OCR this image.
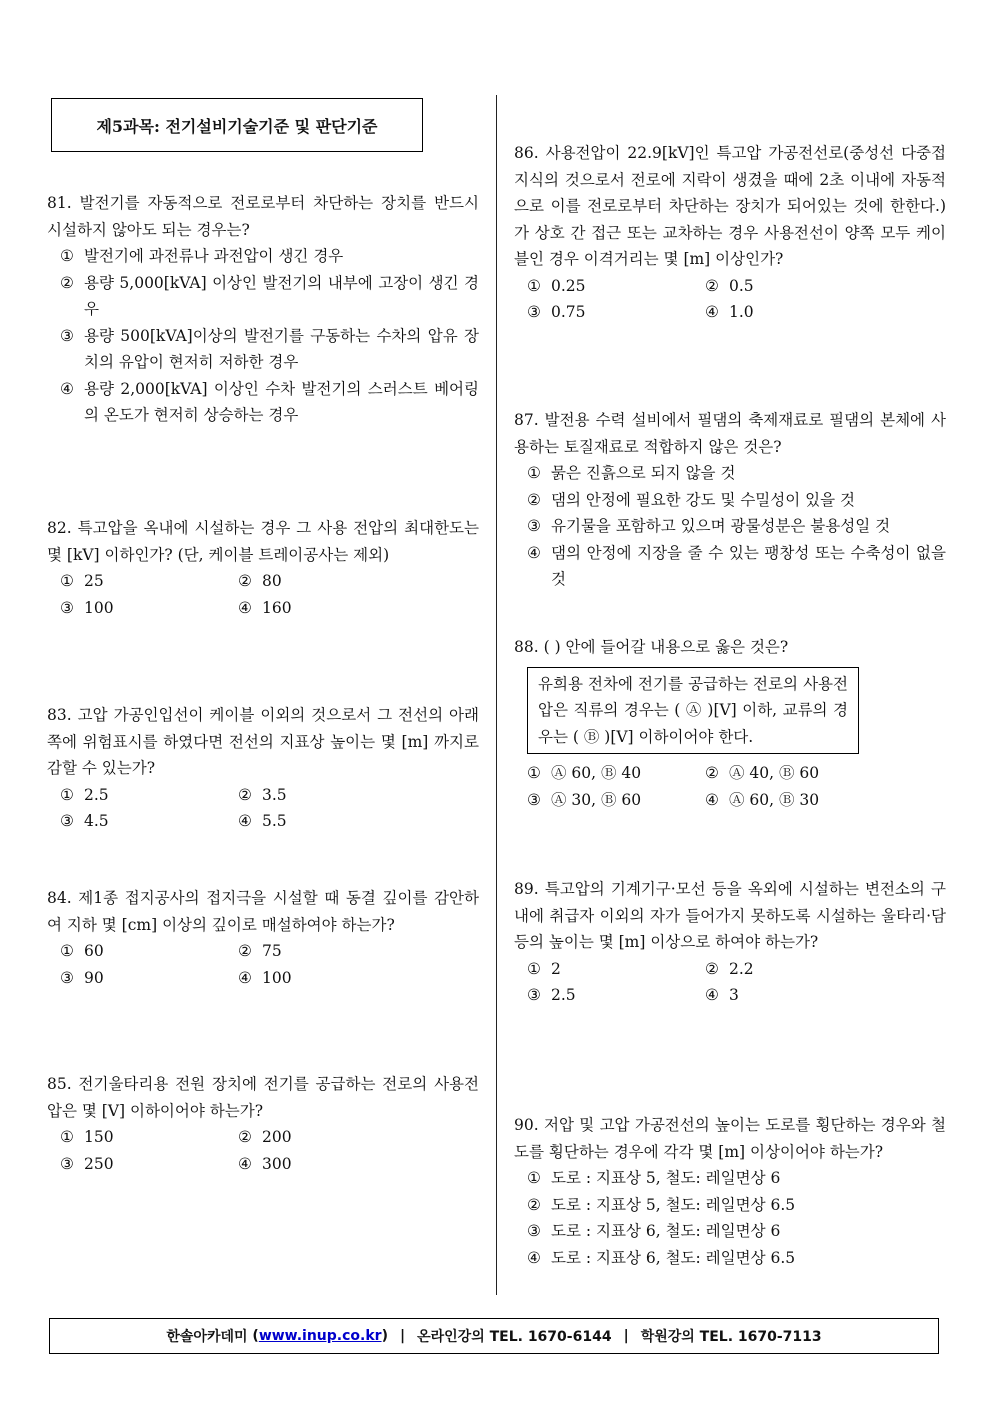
제5과목: 전기설비기술기준 및 판단기준
81. 발전기를 자동적으로 전로로부터 차단하는 장치를 반드시 시설하지 않아도 되는 경우는?
① 발전기에 과전류나 과전압이 생긴 경우
② 용량 5,000[kVA] 이상인 발전기의 내부에 고장이 생긴 경우
③ 용량 500[kVA]이상의 발전기를 구동하는 수차의 압유 장치의 유압이 현저히 저하한 경우
④ 용량 2,000[kVA] 이상인 수차 발전기의 스러스트 베어링의 온도가 현저히 상승하는 경우
82. 특고압을 옥내에 시설하는 경우 그 사용 전압의 최대한도는 몇 [kV] 이하인가? (단, 케이블 트레이공사는 제외)
① 25	② 80
③ 100	④ 160
83. 고압 가공인입선이 케이블 이외의 것으로서 그 전선의 아래쪽에 위험표시를 하였다면 전선의 지표상 높이는 몇 [m] 까지로 감할 수 있는가?
① 2.5	② 3.5
③ 4.5	④ 5.5
84. 제1종 접지공사의 접지극을 시설할 때 동결 깊이를 감안하여 지하 몇 [cm] 이상의 깊이로 매설하여야 하는가?
① 60	② 75
③ 90	④ 100
85. 전기울타리용 전원 장치에 전기를 공급하는 전로의 사용전압은 몇 [V] 이하이어야 하는가?
① 150	② 200
③ 250	④ 300
86. 사용전압이 22.9[kV]인 특고압 가공전선로(중성선 다중접지식의 것으로서 전로에 지락이 생겼을 때에 2초 이내에 자동적으로 이를 전로로부터 차단하는 장치가 되어있는 것에 한한다.)가 상호 간 접근 또는 교차하는 경우 사용전선이 양쪽 모두 케이블인 경우 이격거리는 몇 [m] 이상인가?
① 0.25	② 0.5
③ 0.75	④ 1.0
87. 발전용 수력 설비에서 필댐의 축제재료로 필댐의 본체에 사용하는 토질재료로 적합하지 않은 것은?
① 묽은 진흙으로 되지 않을 것
② 댐의 안정에 필요한 강도 및 수밀성이 있을 것
③ 유기물을 포함하고 있으며 광물성분은 불용성일 것
④ 댐의 안정에 지장을 줄 수 있는 팽창성 또는 수축성이 없을 것
88. ( ) 안에 들어갈 내용으로 옳은 것은?
유희용 전차에 전기를 공급하는 전로의 사용전압은 직류의 경우는 ( Ⓐ )[V] 이하, 교류의 경우는 ( Ⓑ )[V] 이하이어야 한다.
① Ⓐ 60, Ⓑ 40	② Ⓐ 40, Ⓑ 60
③ Ⓐ 30, Ⓑ 60	④ Ⓐ 60, Ⓑ 30
89. 특고압의 기계기구·모선 등을 옥외에 시설하는 변전소의 구내에 취급자 이외의 자가 들어가지 못하도록 시설하는 울타리·담 등의 높이는 몇 [m] 이상으로 하여야 하는가?
① 2	② 2.2
③ 2.5	④ 3
90. 저압 및 고압 가공전선의 높이는 도로를 횡단하는 경우와 철도를 횡단하는 경우에 각각 몇 [m] 이상이어야 하는가?
① 도로 : 지표상 5, 철도: 레일면상 6
② 도로 : 지표상 5, 철도: 레일면상 6.5
③ 도로 : 지표상 6, 철도: 레일면상 6
④ 도로 : 지표상 6, 철도: 레일면상 6.5
한솔아카데미
( www.inup.co.kr ) | 온라인강의 TEL. 1670-6144 | 학원강의 TEL. 1670-7113
